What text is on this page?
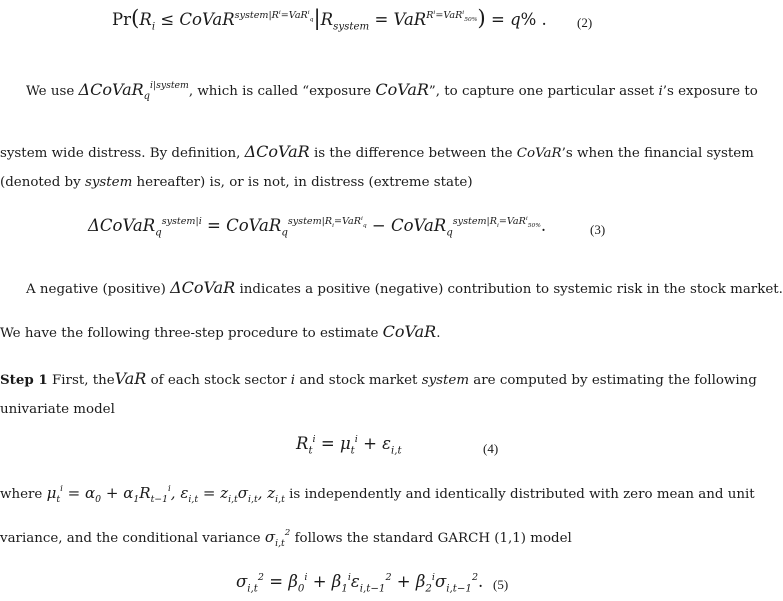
$Pr(R_i$ ≤ $CoVaR^{system|R^i=VaR^i_q}|R_{system} = VaR^{R^i=VaR^i_{50\%}}) = q\%$ . (2)
We use ΔCoVaR$_q^{i|system}$, which is called “exposure CoVaR”, to capture one particular asset i’s exposure to
system wide distress. By definition, ΔCoVaR is the difference between the CoVaR’s when the financial system
(denoted by system hereafter) is, or is not, in distress (extreme state)
ΔCoVaR$_q^{system|i}$ = CoVaR$_q^{system|R_i=VaR^i_q}$ − CoVaR$_q^{system|R_i=VaR^i_{50\%}}$.	(3)
A negative (positive) ΔCoVaR indicates a positive (negative) contribution to systemic risk in the stock market.
We have the following three-step procedure to estimate CoVaR.
Step 1 First, theVaR of each stock sector i and stock market system are computed by estimating the following
univariate model
$R_t^i = \mu_t^i + \varepsilon_{i,t}$	(4)
where $\mu_t^i = \alpha_0 + \alpha_1R_{t-1}^i$, $\varepsilon_{i,t} = z_{i,t}\sigma_{i,t}$, $z_{i,t}$ is independently and identically distributed with zero mean and unit
variance, and the conditional variance $\sigma_{i,t}^2$ follows the standard GARCH (1,1) model
$\sigma_{i,t}^2 = \beta_0^i + \beta_1^i\varepsilon_{i,t-1}^2 + \beta_2^i\sigma_{i,t-1}^2$. (5)
